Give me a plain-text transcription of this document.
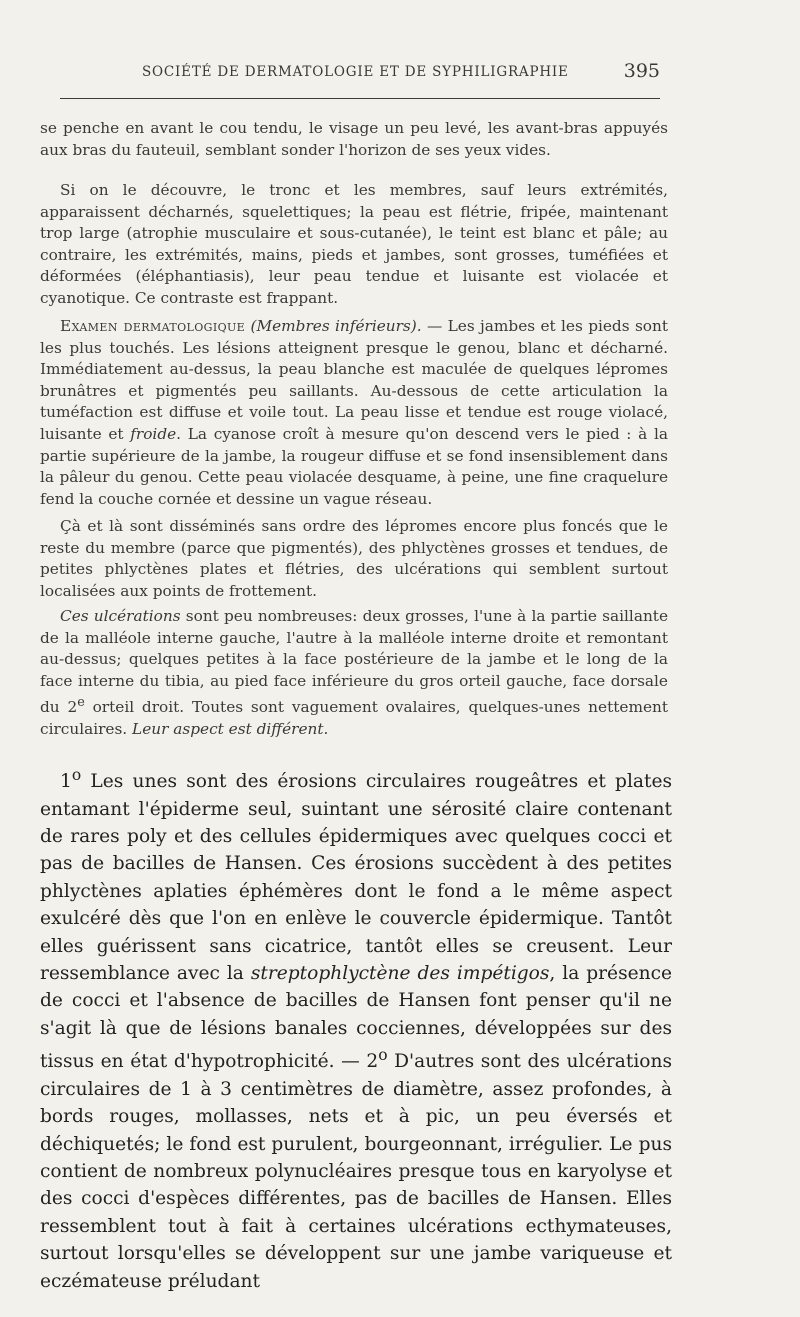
SOCIÉTÉ DE DERMATOLOGIE ET DE SYPHILIGRAPHIE	395

se penche en avant le cou tendu, le visage un peu levé, les avant-bras appuyés aux bras du fauteuil, semblant sonder l'horizon de ses yeux vides.

Si on le découvre, le tronc et les membres, sauf leurs extrémités, apparaissent décharnés, squelettiques; la peau est flétrie, fripée, maintenant trop large (atrophie musculaire et sous-cutanée), le teint est blanc et pâle; au contraire, les extrémités, mains, pieds et jambes, sont grosses, tuméfiées et déformées (éléphantiasis), leur peau tendue et luisante est violacée et cyanotique. Ce contraste est frappant.

Examen dermatologique (Membres inférieurs). — Les jambes et les pieds sont les plus touchés. Les lésions atteignent presque le genou, blanc et décharné. Immédiatement au-dessus, la peau blanche est maculée de quelques lépromes brunâtres et pigmentés peu saillants. Au-dessous de cette articulation la tuméfaction est diffuse et voile tout. La peau lisse et tendue est rouge violacé, luisante et froide. La cyanose croît à mesure qu'on descend vers le pied : à la partie supérieure de la jambe, la rougeur diffuse et se fond insensiblement dans la pâleur du genou. Cette peau violacée desquame, à peine, une fine craquelure fend la couche cornée et dessine un vague réseau.

Çà et là sont disséminés sans ordre des lépromes encore plus foncés que le reste du membre (parce que pigmentés), des phlyctènes grosses et tendues, de petites phlyctènes plates et flétries, des ulcérations qui semblent surtout localisées aux points de frottement.

Ces ulcérations sont peu nombreuses: deux grosses, l'une à la partie saillante de la malléole interne gauche, l'autre à la malléole interne droite et remontant au-dessus; quelques petites à la face postérieure de la jambe et le long de la face interne du tibia, au pied face inférieure du gros orteil gauche, face dorsale du 2e orteil droit. Toutes sont vaguement ovalaires, quelques-unes nettement circulaires. Leur aspect est différent.

1$^o$ Les unes sont des érosions circulaires rougeâtres et plates entamant l'épiderme seul, suintant une sérosité claire contenant de rares poly et des cellules épidermiques avec quelques cocci et pas de bacilles de Hansen. Ces érosions succèdent à des petites phlyctènes aplaties éphémères dont le fond a le même aspect exulcéré dès que l'on en enlève le couvercle épidermique. Tantôt elles guérissent sans cicatrice, tantôt elles se creusent. Leur ressemblance avec la streptophlyctène des impétigos, la présence de cocci et l'absence de bacilles de Hansen font penser qu'il ne s'agit là que de lésions banales cocciennes, développées sur des tissus en état d'hypotrophicité. — 2$^o$ D'autres sont des ulcérations circulaires de 1 à 3 centimètres de diamètre, assez profondes, à bords rouges, mollasses, nets et à pic, un peu éversés et déchiquetés; le fond est purulent, bourgeonnant, irrégulier. Le pus contient de nombreux polynucléaires presque tous en karyolyse et des cocci d'espèces différentes, pas de bacilles de Hansen. Elles ressemblent tout à fait à certaines ulcérations ecthymateuses, surtout lorsqu'elles se développent sur une jambe variqueuse et eczémateuse préludant
